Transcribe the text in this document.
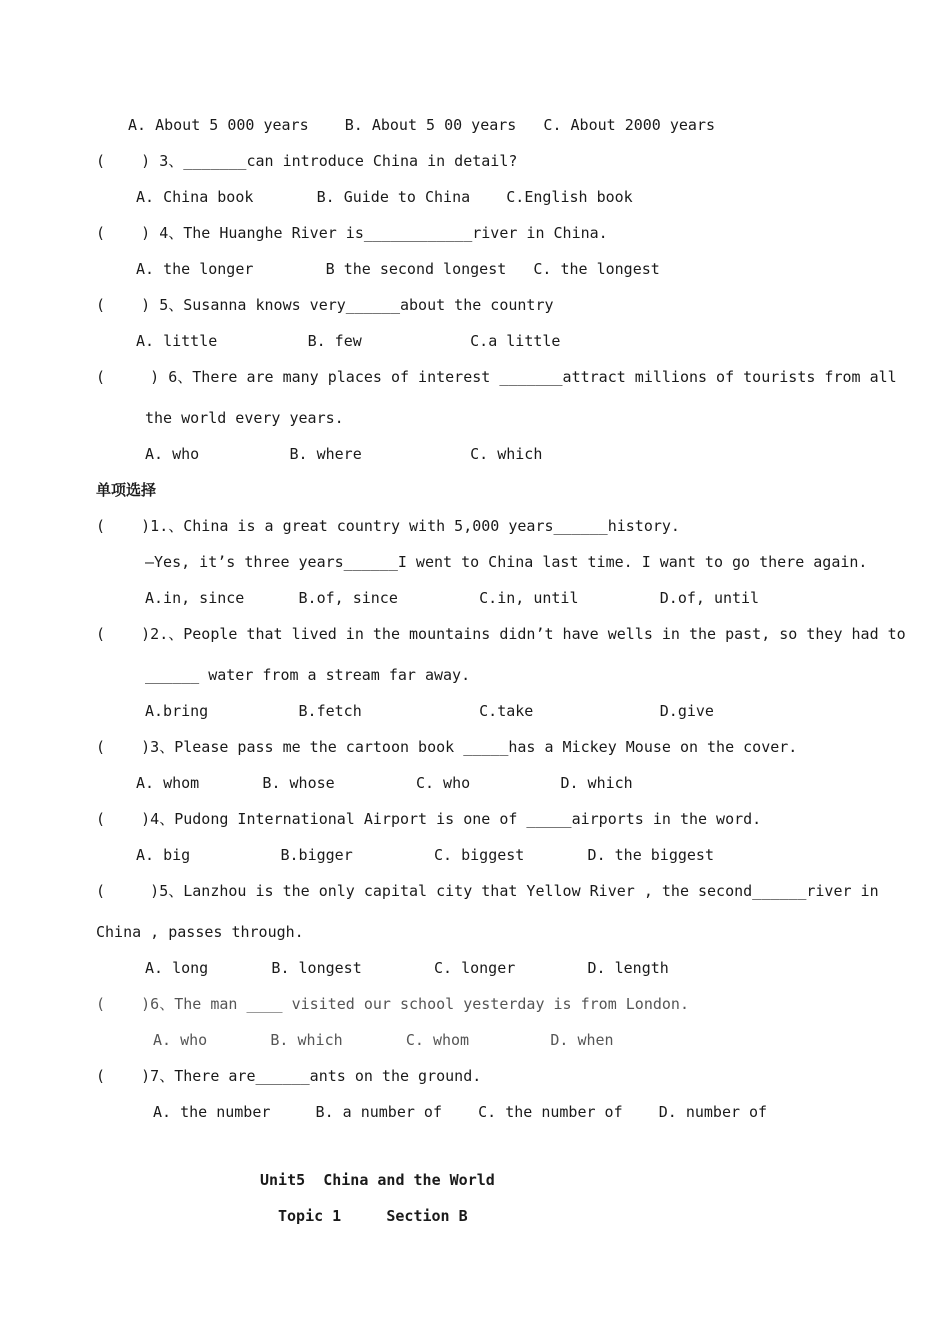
A. About 5 000 years    B. About 5 00 years   C. About 2000 years
(    ) 3、_______can introduce China in detail?
A. China book       B. Guide to China    C.English book
(    ) 4、The Huanghe River is____________river in China.
A. the longer        B the second longest   C. the longest
(    ) 5、Susanna knows very______about the country
A. little          B. few            C.a little
(     ) 6、There are many places of interest _______attract millions of tourists from all
the world every years.
A. who          B. where            C. which
单项选择
(    )1.、China is a great country with 5,000 years______history.
—Yes, it’s three years______I went to China last time. I want to go there again.
A.in, since      B.of, since         C.in, until         D.of, until
(    )2.、People that lived in the mountains didn’t have wells in the past, so they had to
______ water from a stream far away.
A.bring          B.fetch             C.take              D.give
(    )3、Please pass me the cartoon book _____has a Mickey Mouse on the cover.
A. whom       B. whose         C. who          D. which
(    )4、Pudong International Airport is one of _____airports in the word.
A. big          B.bigger         C. biggest       D. the biggest
(     )5、Lanzhou is the only capital city that Yellow River , the second______river in
China , passes through.
A. long       B. longest        C. longer        D. length
(    )6、The man ____ visited our school yesterday is from London.
A. who       B. which       C. whom         D. when
(    )7、There are______ants on the ground.
A. the number     B. a number of    C. the number of    D. number of
Unit5  China and the World
Topic 1     Section B
